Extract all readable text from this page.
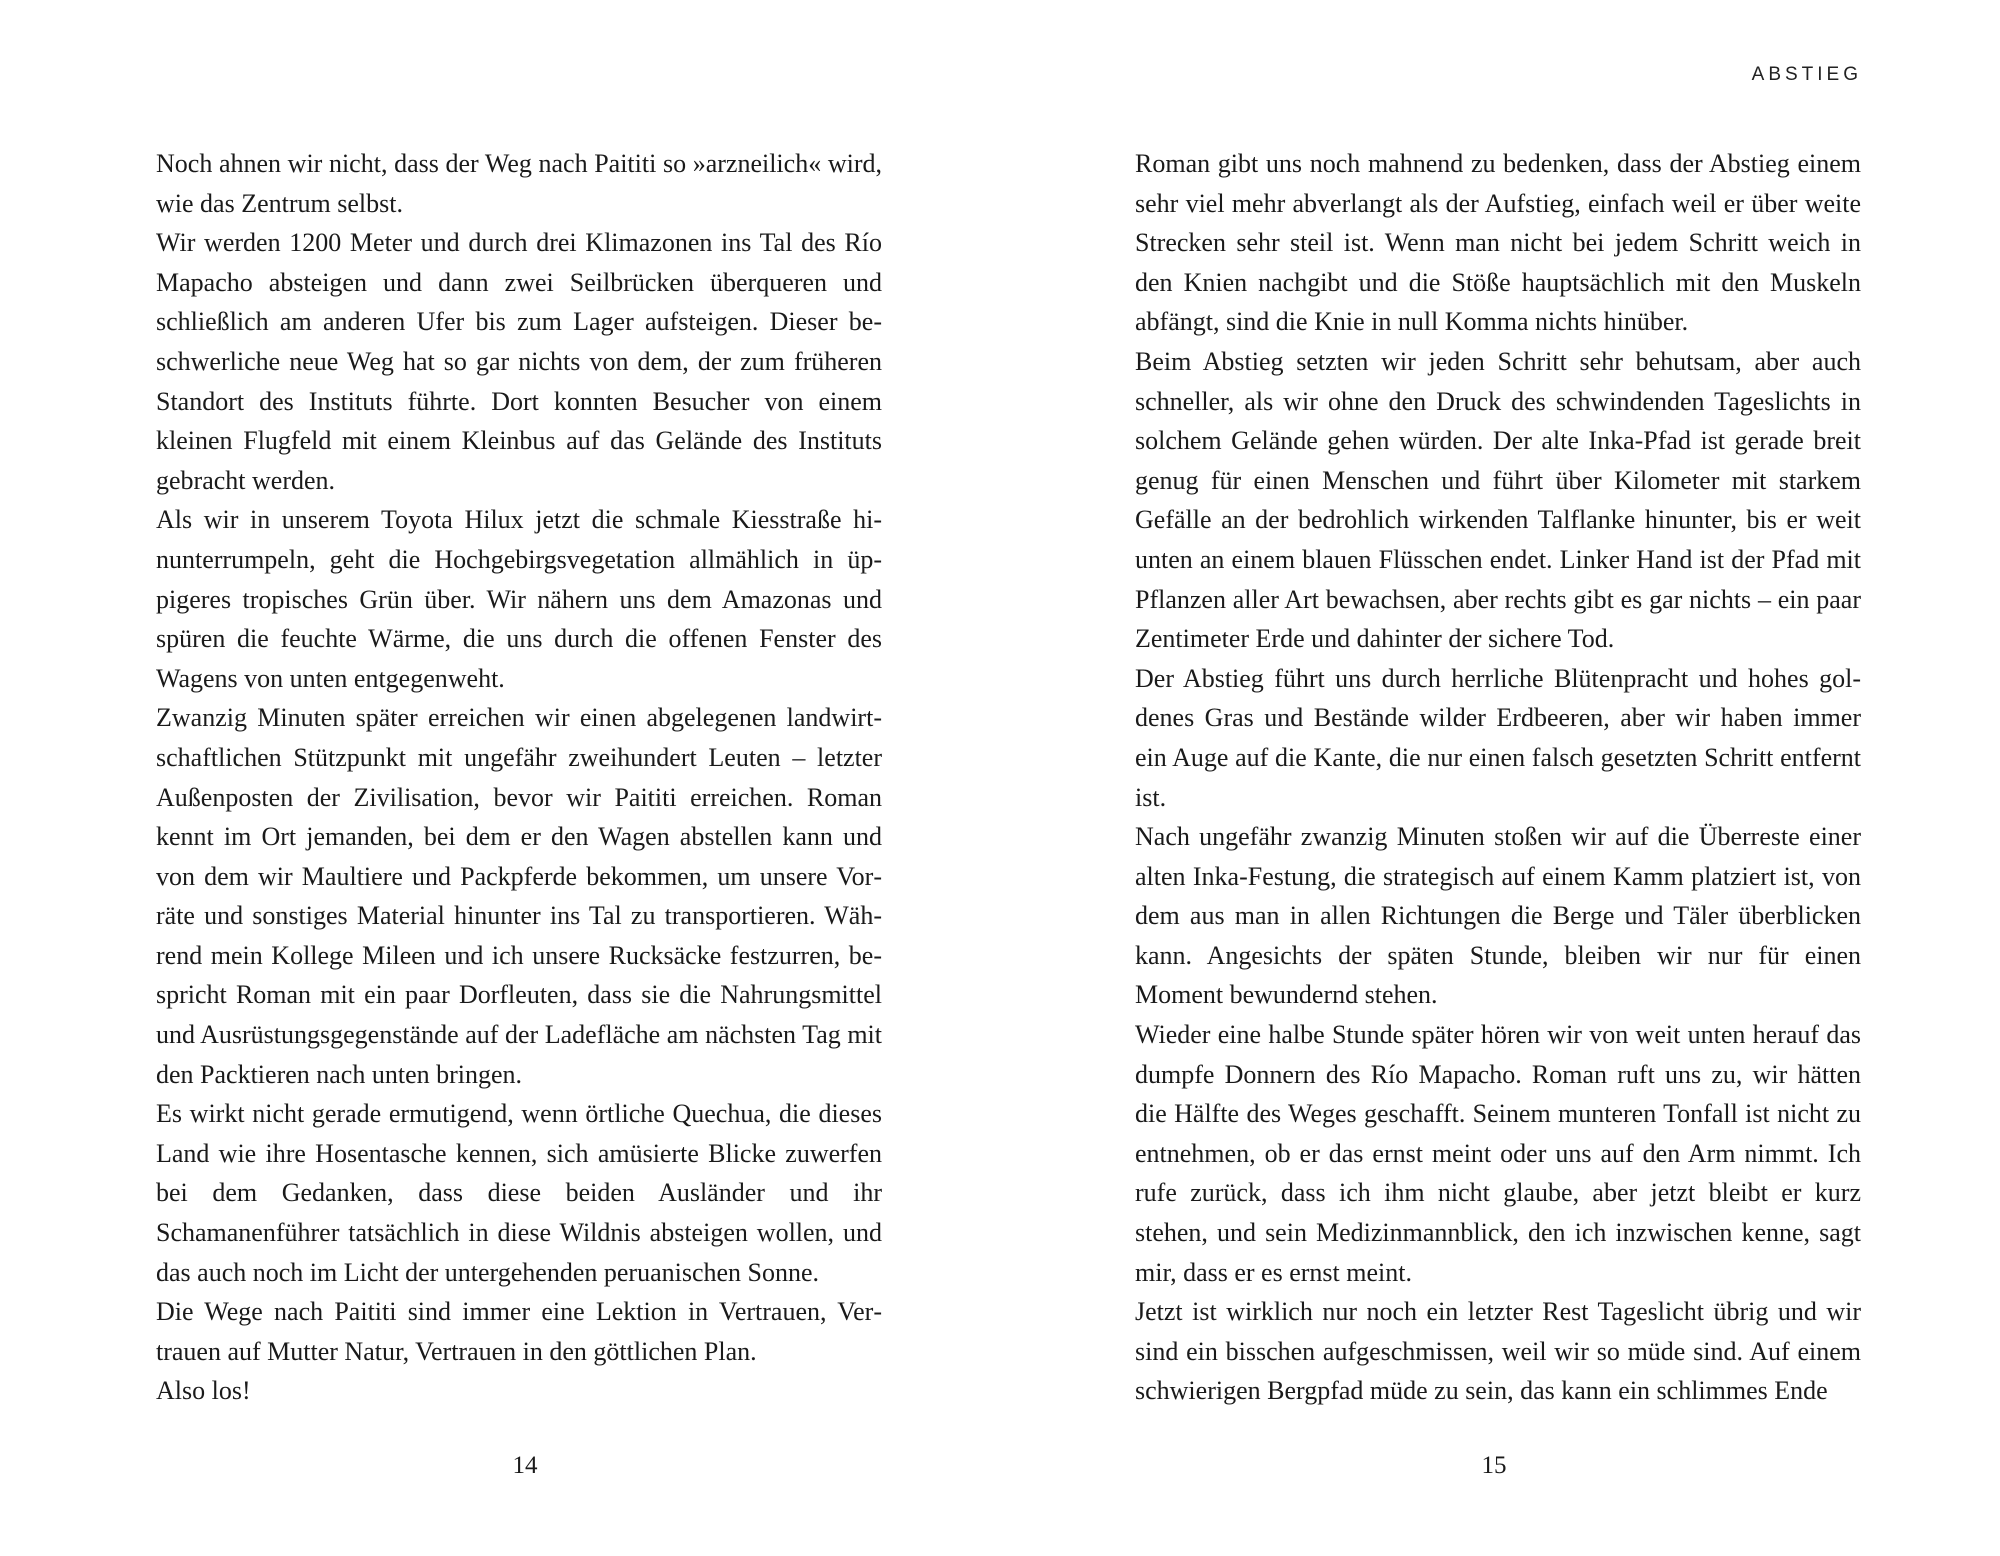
Noch ahnen wir nicht, dass der Weg nach Paititi so »arzneilich« wird, wie das Zentrum selbst.

Wir werden 1200 Meter und durch drei Klimazonen ins Tal des Río Mapacho absteigen und dann zwei Seilbrücken überqueren und schließlich am anderen Ufer bis zum Lager aufsteigen. Dieser beschwerliche neue Weg hat so gar nichts von dem, der zum früheren Standort des Instituts führte. Dort konnten Besucher von einem kleinen Flugfeld mit einem Kleinbus auf das Gelände des Instituts gebracht werden.

Als wir in unserem Toyota Hilux jetzt die schmale Kiesstraße hinunterrumpeln, geht die Hochgebirgsvegetation allmählich in üppigeres tropisches Grün über. Wir nähern uns dem Amazonas und spüren die feuchte Wärme, die uns durch die offenen Fenster des Wagens von unten entgegenweht.

Zwanzig Minuten später erreichen wir einen abgelegenen landwirtschaftlichen Stützpunkt mit ungefähr zweihundert Leuten – letzter Außenposten der Zivilisation, bevor wir Paititi erreichen. Roman kennt im Ort jemanden, bei dem er den Wagen abstellen kann und von dem wir Maultiere und Packpferde bekommen, um unsere Vorräte und sonstiges Material hinunter ins Tal zu transportieren. Während mein Kollege Mileen und ich unsere Rucksäcke festzurren, bespricht Roman mit ein paar Dorfleuten, dass sie die Nahrungsmittel und Ausrüstungsgegenstände auf der Ladefläche am nächsten Tag mit den Packtieren nach unten bringen.

Es wirkt nicht gerade ermutigend, wenn örtliche Quechua, die dieses Land wie ihre Hosentasche kennen, sich amüsierte Blicke zuwerfen bei dem Gedanken, dass diese beiden Ausländer und ihr Schamanenführer tatsächlich in diese Wildnis absteigen wollen, und das auch noch im Licht der untergehenden peruanischen Sonne.

Die Wege nach Paititi sind immer eine Lektion in Vertrauen, Vertrauen auf Mutter Natur, Vertrauen in den göttlichen Plan.

Also los!

14
ABSTIEG

Roman gibt uns noch mahnend zu bedenken, dass der Abstieg einem sehr viel mehr abverlangt als der Aufstieg, einfach weil er über weite Strecken sehr steil ist. Wenn man nicht bei jedem Schritt weich in den Knien nachgibt und die Stöße hauptsächlich mit den Muskeln abfängt, sind die Knie in null Komma nichts hinüber.

Beim Abstieg setzten wir jeden Schritt sehr behutsam, aber auch schneller, als wir ohne den Druck des schwindenden Tageslichts in solchem Gelände gehen würden. Der alte Inka-Pfad ist gerade breit genug für einen Menschen und führt über Kilometer mit starkem Gefälle an der bedrohlich wirkenden Talflanke hinunter, bis er weit unten an einem blauen Flüsschen endet. Linker Hand ist der Pfad mit Pflanzen aller Art bewachsen, aber rechts gibt es gar nichts – ein paar Zentimeter Erde und dahinter der sichere Tod.

Der Abstieg führt uns durch herrliche Blütenpracht und hohes goldenes Gras und Bestände wilder Erdbeeren, aber wir haben immer ein Auge auf die Kante, die nur einen falsch gesetzten Schritt entfernt ist.

Nach ungefähr zwanzig Minuten stoßen wir auf die Überreste einer alten Inka-Festung, die strategisch auf einem Kamm platziert ist, von dem aus man in allen Richtungen die Berge und Täler überblicken kann. Angesichts der späten Stunde, bleiben wir nur für einen Moment bewundernd stehen.

Wieder eine halbe Stunde später hören wir von weit unten herauf das dumpfe Donnern des Río Mapacho. Roman ruft uns zu, wir hätten die Hälfte des Weges geschafft. Seinem munteren Tonfall ist nicht zu entnehmen, ob er das ernst meint oder uns auf den Arm nimmt. Ich rufe zurück, dass ich ihm nicht glaube, aber jetzt bleibt er kurz stehen, und sein Medizinmannblick, den ich inzwischen kenne, sagt mir, dass er es ernst meint.

Jetzt ist wirklich nur noch ein letzter Rest Tageslicht übrig und wir sind ein bisschen aufgeschmissen, weil wir so müde sind. Auf einem schwierigen Bergpfad müde zu sein, das kann ein schlimmes Ende

15
